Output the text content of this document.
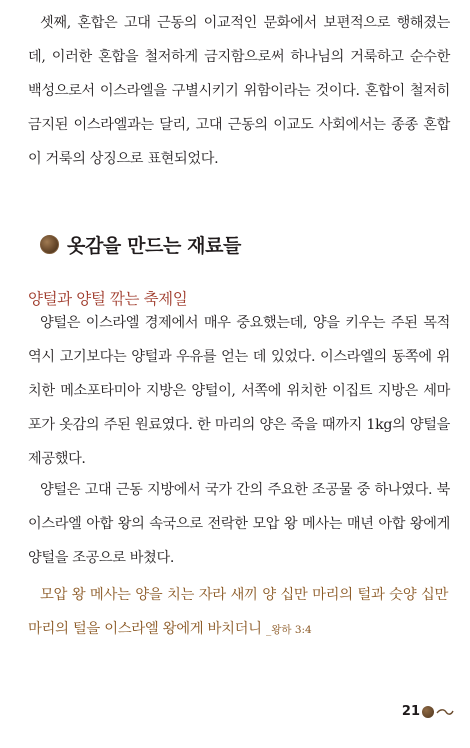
셋째, 혼합은 고대 근동의 이교적인 문화에서 보편적으로 행해졌는데, 이러한 혼합을 철저하게 금지함으로써 하나님의 거룩하고 순수한 백성으로서 이스라엘을 구별시키기 위함이라는 것이다. 혼합이 철저히 금지된 이스라엘과는 달리, 고대 근동의 이교도 사회에서는 종종 혼합이 거룩의 상징으로 표현되었다.

옷감을 만드는 재료들
양털과 양털 깎는 축제일

양털은 이스라엘 경제에서 매우 중요했는데, 양을 키우는 주된 목적 역시 고기보다는 양털과 우유를 얻는 데 있었다. 이스라엘의 동쪽에 위치한 메소포타미아 지방은 양털이, 서쪽에 위치한 이집트 지방은 세마포가 옷감의 주된 원료였다. 한 마리의 양은 죽을 때까지 1kg의 양털을 제공했다.

양털은 고대 근동 지방에서 국가 간의 주요한 조공물 중 하나였다. 북이스라엘 아합 왕의 속국으로 전락한 모압 왕 메사는 매년 아합 왕에게 양털을 조공으로 바쳤다.

모압 왕 메사는 양을 치는 자라 새끼 양 십만 마리의 털과 숫양 십만 마리의 털을 이스라엘 왕에게 바치더니 _왕하 3:4

21
